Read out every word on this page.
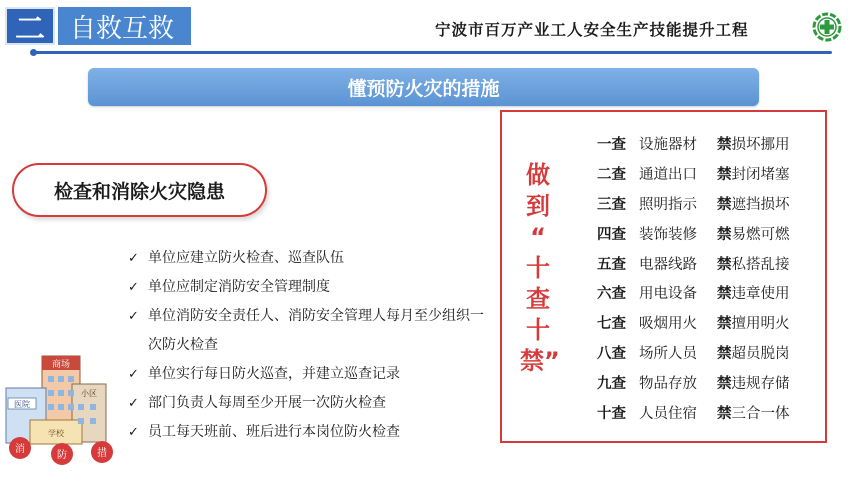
二 自救互救	宁波市百万产业工人安全生产技能提升工程
懂预防火灾的措施
检查和消除火灾隐患
✓ 单位应建立防火检查、巡查队伍
✓ 单位应制定消防安全管理制度
✓ 单位消防安全责任人、消防安全管理人每月至少组织一次防火检查
✓ 单位实行每日防火巡查，并建立巡查记录
✓ 部门负责人每周至少开展一次防火检查
✓ 员工每天班前、班后进行本岗位防火检查
商场
医院
小区
学校
消
防	措
做
到
“
十
查
十
禁”
一查 设施器材	禁 损坏挪用
二查 通道出口	禁 封闭堵塞
三查 照明指示	禁 遮挡损坏
四查 装饰装修	禁 易燃可燃
五查 电器线路	禁 私搭乱接
六查 用电设备	禁 违章使用
七查 吸烟用火	禁 擅用明火
八查 场所人员	禁 超员脱岗
九查 物品存放	禁 违规存储
十查 人员住宿	禁 三合一体
